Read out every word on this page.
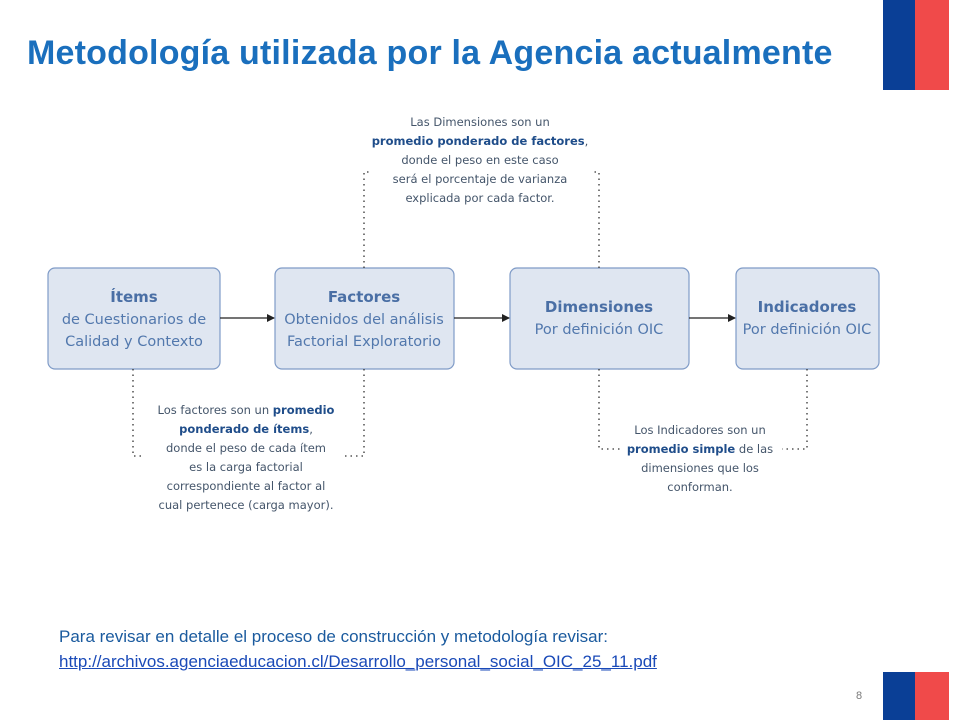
Metodología utilizada por la Agencia actualmente
Ítems
de Cuestionarios de
Calidad y Contexto
Factores
Obtenidos del análisis
Factorial Exploratorio
Dimensiones
Por definición OIC
Indicadores
Por definición OIC
Las Dimensiones son un
promedio ponderado de factores,
donde el peso en este caso
será el porcentaje de varianza
explicada por cada factor.
Los factores son un promedio
ponderado de ítems,
donde el peso de cada ítem
es la carga factorial
correspondiente al factor al
cual pertenece (carga mayor).
Los Indicadores son un
promedio simple de las
dimensiones que los
conforman.

Para revisar en detalle el proceso de construcción y metodología revisar:

http://archivos.agenciaeducacion.cl/Desarrollo_personal_social_OIC_25_11.pdf
8
